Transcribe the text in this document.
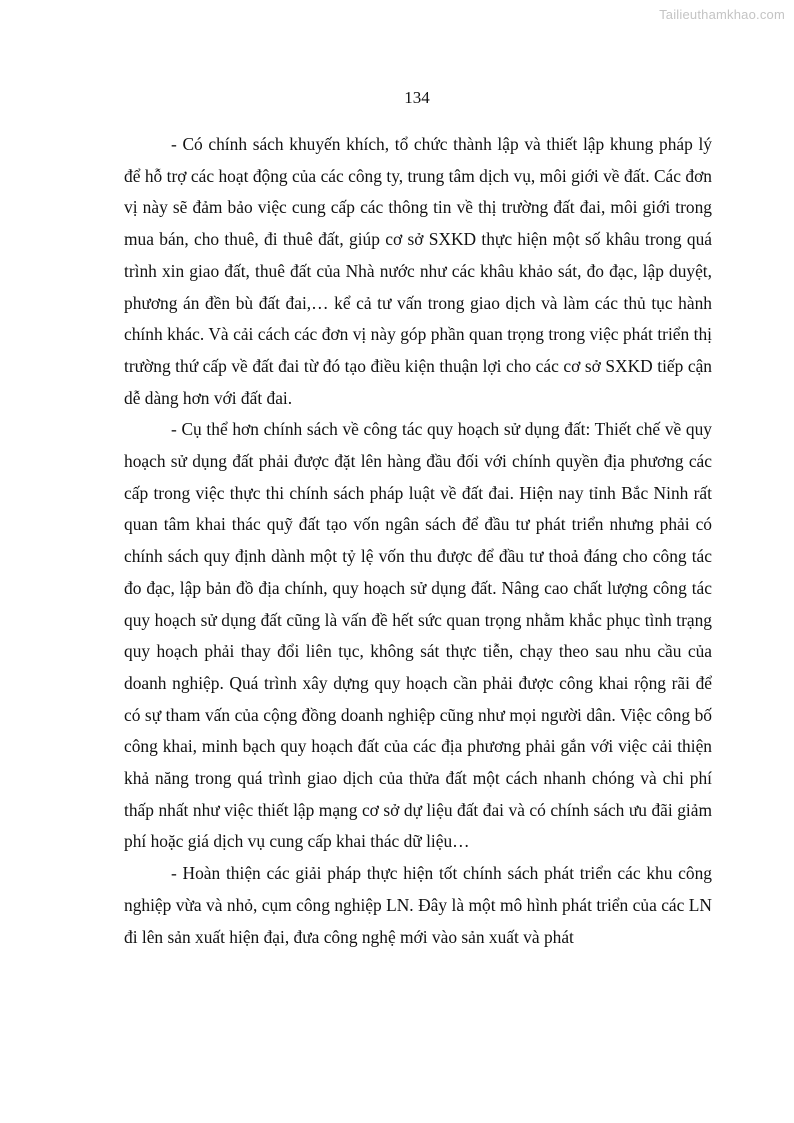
Tailieuthamkhao.com
134

- Có chính sách khuyến khích, tổ chức thành lập và thiết lập khung pháp lý để hỗ trợ các hoạt động của các công ty, trung tâm dịch vụ, môi giới về đất. Các đơn vị này sẽ đảm bảo việc cung cấp các thông tin về thị trường đất đai, môi giới trong mua bán, cho thuê, đi thuê đất, giúp cơ sở SXKD thực hiện một số khâu trong quá trình xin giao đất, thuê đất của Nhà nước như các khâu khảo sát, đo đạc, lập duyệt, phương án đền bù đất đai,… kể cả tư vấn trong giao dịch và làm các thủ tục hành chính khác. Và cải cách các đơn vị này góp phần quan trọng trong việc phát triển thị trường thứ cấp về đất đai từ đó tạo điều kiện thuận lợi cho các cơ sở SXKD tiếp cận dễ dàng hơn với đất đai.

- Cụ thể hơn chính sách về công tác quy hoạch sử dụng đất: Thiết chế về quy hoạch sử dụng đất phải được đặt lên hàng đầu đối với chính quyền địa phương các cấp trong việc thực thi chính sách pháp luật về đất đai. Hiện nay tỉnh Bắc Ninh rất quan tâm khai thác quỹ đất tạo vốn ngân sách để đầu tư phát triển nhưng phải có chính sách quy định dành một tỷ lệ vốn thu được để đầu tư thoả đáng cho công tác đo đạc, lập bản đồ địa chính, quy hoạch sử dụng đất. Nâng cao chất lượng công tác quy hoạch sử dụng đất cũng là vấn đề hết sức quan trọng nhằm khắc phục tình trạng quy hoạch phải thay đổi liên tục, không sát thực tiễn, chạy theo sau nhu cầu của doanh nghiệp. Quá trình xây dựng quy hoạch cần phải được công khai rộng rãi để có sự tham vấn của cộng đồng doanh nghiệp cũng như mọi người dân. Việc công bố công khai, minh bạch quy hoạch đất của các địa phương phải gắn với việc cải thiện khả năng trong quá trình giao dịch của thửa đất một cách nhanh chóng và chi phí thấp nhất như việc thiết lập mạng cơ sở dự liệu đất đai và có chính sách ưu đãi giảm phí hoặc giá dịch vụ cung cấp khai thác dữ liệu…

- Hoàn thiện các giải pháp thực hiện tốt chính sách phát triển các khu công nghiệp vừa và nhỏ, cụm công nghiệp LN. Đây là một mô hình phát triển của các LN đi lên sản xuất hiện đại, đưa công nghệ mới vào sản xuất và phát
